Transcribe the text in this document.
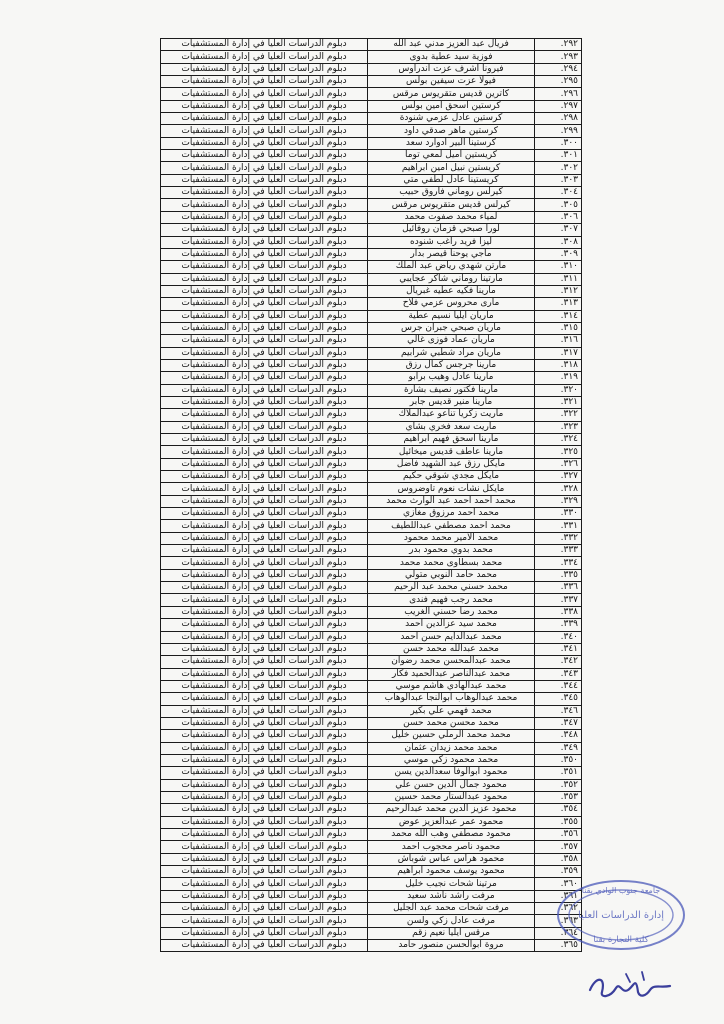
٢٩٢.	فريال عبد العزيز مدني عبد الله	دبلوم الدراسات العليا في إدارة المستشفيات
٢٩٣.	فوزية سيد عطية بدوى	دبلوم الدراسات العليا في إدارة المستشفيات
٢٩٤.	فيرونا اشرف عزت اندراوس	دبلوم الدراسات العليا في إدارة المستشفيات
٢٩٥.	فيولا عزت سيفين بولس	دبلوم الدراسات العليا في إدارة المستشفيات
٢٩٦.	كاترين قديس متقريوس مرقس	دبلوم الدراسات العليا في إدارة المستشفيات
٢٩٧.	كرستين اسحق امين بولس	دبلوم الدراسات العليا في إدارة المستشفيات
٢٩٨.	كرستين عادل عزمي شنودة	دبلوم الدراسات العليا في إدارة المستشفيات
٢٩٩.	كرستين ماهر صدقي داود	دبلوم الدراسات العليا في إدارة المستشفيات
٣٠٠.	كرستينا البير ادوارد سعد	دبلوم الدراسات العليا في إدارة المستشفيات
٣٠١.	كريستين أميل لمعي توما	دبلوم الدراسات العليا في إدارة المستشفيات
٣٠٢.	كريستين نبيل امين ابراهيم	دبلوم الدراسات العليا في إدارة المستشفيات
٣٠٣.	كريستينا عادل لطفي متي	دبلوم الدراسات العليا في إدارة المستشفيات
٣٠٤.	كيرلس روماني فاروق حبيب	دبلوم الدراسات العليا في إدارة المستشفيات
٣٠٥.	كيرلس قديس متقريوس مرقس	دبلوم الدراسات العليا في إدارة المستشفيات
٣٠٦.	لمياء محمد صفوت محمد	دبلوم الدراسات العليا في إدارة المستشفيات
٣٠٧.	لورا صبحي قزمان روفائيل	دبلوم الدراسات العليا في إدارة المستشفيات
٣٠٨.	ليزا فريد راغب شنوده	دبلوم الدراسات العليا في إدارة المستشفيات
٣٠٩.	ماجي يوحنا قيصر بدار	دبلوم الدراسات العليا في إدارة المستشفيات
٣١٠.	مارتن شهدي رياض عبد الملك	دبلوم الدراسات العليا في إدارة المستشفيات
٣١١.	مارتينا روماني شاكر عجايبي	دبلوم الدراسات العليا في إدارة المستشفيات
٣١٢.	مارينا فكيه عطيه غبريال	دبلوم الدراسات العليا في إدارة المستشفيات
٣١٣.	مارى محروس عزمي فلاح	دبلوم الدراسات العليا في إدارة المستشفيات
٣١٤.	ماريان ايليا نسيم عطية	دبلوم الدراسات العليا في إدارة المستشفيات
٣١٥.	ماريان صبحي جبران جرس	دبلوم الدراسات العليا في إدارة المستشفيات
٣١٦.	ماريان عماد فوزى غالي	دبلوم الدراسات العليا في إدارة المستشفيات
٣١٧.	ماريان مراد شطبي شرابيم	دبلوم الدراسات العليا في إدارة المستشفيات
٣١٨.	مارينا جرجس كمال رزق	دبلوم الدراسات العليا في إدارة المستشفيات
٣١٩.	مارينا عادل وهيب برابو	دبلوم الدراسات العليا في إدارة المستشفيات
٣٢٠.	مارينا فكتور نصيف بشارة	دبلوم الدراسات العليا في إدارة المستشفيات
٣٢١.	مارينا منير قديس جابر	دبلوم الدراسات العليا في إدارة المستشفيات
٣٢٢.	ماريت زكريا تناعو عبدالملاك	دبلوم الدراسات العليا في إدارة المستشفيات
٣٢٣.	ماريت سعد فخري بشاي	دبلوم الدراسات العليا في إدارة المستشفيات
٣٢٤.	مارينا اسحق فهيم ابراهيم	دبلوم الدراسات العليا في إدارة المستشفيات
٣٢٥.	مارينا عاطف قديس ميخائيل	دبلوم الدراسات العليا في إدارة المستشفيات
٣٢٦.	مايكل رزق عبد الشهيد فاضل	دبلوم الدراسات العليا في إدارة المستشفيات
٣٢٧.	مايكل مجدي شوقي حكيم	دبلوم الدراسات العليا في إدارة المستشفيات
٣٢٨.	مايكل نشأت نعوم تاوضروس	دبلوم الدراسات العليا في إدارة المستشفيات
٣٢٩.	محمد احمد احمد عبد الوارث محمد	دبلوم الدراسات العليا في إدارة المستشفيات
٣٣٠.	محمد احمد مرزوق مغازي	دبلوم الدراسات العليا في إدارة المستشفيات
٣٣١.	محمد احمد مصطفي عبداللطيف	دبلوم الدراسات العليا في إدارة المستشفيات
٣٣٢.	محمد الامير محمد محمود	دبلوم الدراسات العليا في إدارة المستشفيات
٣٣٣.	محمد بدوي محمود بدر	دبلوم الدراسات العليا في إدارة المستشفيات
٣٣٤.	محمد بسطاوى محمد محمد	دبلوم الدراسات العليا في إدارة المستشفيات
٣٣٥.	محمد حامد النوبي متولي	دبلوم الدراسات العليا في إدارة المستشفيات
٣٣٦.	محمد حسني محمد عبد الرحيم	دبلوم الدراسات العليا في إدارة المستشفيات
٣٣٧.	محمد رجب فهيم فندى	دبلوم الدراسات العليا في إدارة المستشفيات
٣٣٨.	محمد رضا حسني الغريب	دبلوم الدراسات العليا في إدارة المستشفيات
٣٣٩.	محمد سيد عزالدين احمد	دبلوم الدراسات العليا في إدارة المستشفيات
٣٤٠.	محمد عبدالدايم حسن أحمد	دبلوم الدراسات العليا في إدارة المستشفيات
٣٤١.	محمد عبدالله محمد حسن	دبلوم الدراسات العليا في إدارة المستشفيات
٣٤٢.	محمد عبدالمحسن محمد رضوان	دبلوم الدراسات العليا في إدارة المستشفيات
٣٤٣.	محمد عبدالناصر عبدالحميد فكار	دبلوم الدراسات العليا في إدارة المستشفيات
٣٤٤.	محمد عبدالهادي هاشم موسي	دبلوم الدراسات العليا في إدارة المستشفيات
٣٤٥.	محمد عبدالوهاب ابوالنجا عبدالوهاب	دبلوم الدراسات العليا في إدارة المستشفيات
٣٤٦.	محمد فهمي علي بكير	دبلوم الدراسات العليا في إدارة المستشفيات
٣٤٧.	محمد محسن محمد حسن	دبلوم الدراسات العليا في إدارة المستشفيات
٣٤٨.	محمد محمد الرملي حسين خليل	دبلوم الدراسات العليا في إدارة المستشفيات
٣٤٩.	محمد محمد زيدان عثمان	دبلوم الدراسات العليا في إدارة المستشفيات
٣٥٠.	محمد محمود زكي موسي	دبلوم الدراسات العليا في إدارة المستشفيات
٣٥١.	محمود ابوالوفا سعدالدين يسن	دبلوم الدراسات العليا في إدارة المستشفيات
٣٥٢.	محمود جمال الدين حسن علي	دبلوم الدراسات العليا في إدارة المستشفيات
٣٥٣.	محمود عبدالستار محمد حسين	دبلوم الدراسات العليا في إدارة المستشفيات
٣٥٤.	محمود عزيز الدين محمد عبدالرحيم	دبلوم الدراسات العليا في إدارة المستشفيات
٣٥٥.	محمود عمر عبدالعزيز عوض	دبلوم الدراسات العليا في إدارة المستشفيات
٣٥٦.	محمود مصطفي وهب الله محمد	دبلوم الدراسات العليا في إدارة المستشفيات
٣٥٧.	محمود ناصر محجوب احمد	دبلوم الدراسات العليا في إدارة المستشفيات
٣٥٨.	محمود هراس عباس شوباش	دبلوم الدراسات العليا في إدارة المستشفيات
٣٥٩.	محمود يوسف محمود ابراهيم	دبلوم الدراسات العليا في إدارة المستشفيات
٣٦٠.	مرتينا شحات نجيب خليل	دبلوم الدراسات العليا في إدارة المستشفيات
٣٦١.	مرفت راشد ناشد سعيد	دبلوم الدراسات العليا في إدارة المستشفيات
٣٦٢.	مرفت شحات محمد عبد الجليل	دبلوم الدراسات العليا في إدارة المستشفيات
٣٦٣.	مرفت عادل زكي ولسن	دبلوم الدراسات العليا في إدارة المستشفيات
٣٦٤.	مرقس ايليا نعيم زقم	دبلوم الدراسات العليا في إدارة المستشفيات
٣٦٥.	مروة ابوالحسن منصور حامد	دبلوم الدراسات العليا في إدارة المستشفيات
جامعة جنوب الوادي بقنا
إدارة الدراسات العليا
كلية التجارة بقنا
